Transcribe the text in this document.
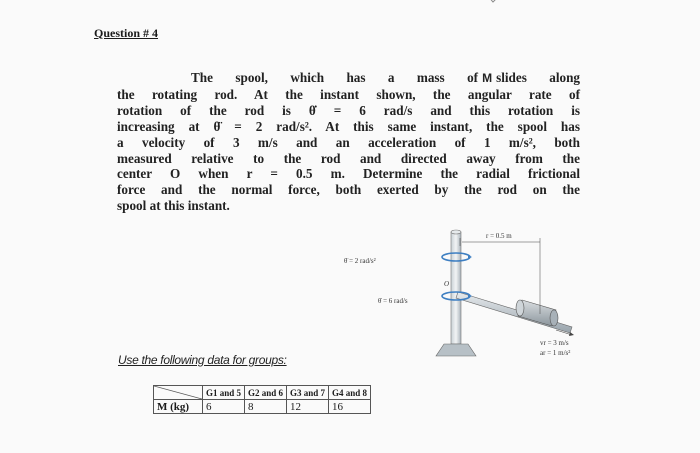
Question # 4
The spool, which has a mass of M slides along
the rotating rod. At the instant shown, the angular rate of
rotation of the rod is θ̇ = 6 rad/s and this rotation is
increasing at θ̈ = 2 rad/s². At this same instant, the spool has
a velocity of 3 m/s and an acceleration of 1 m/s², both
measured relative to the rod and directed away from the
center O when r = 0.5 m. Determine the radial frictional
force and the normal force, both exerted by the rod on the
spool at this instant.
r = 0.5 m
θ̈ = 2 rad/s²
θ̇ = 6 rad/s
O
vr = 3 m/s
ar = 1 m/s²
Use the following data for groups:
	G1 and 5	G2 and 6	G3 and 7	G4 and 8
M (kg)	6	8	12	16
